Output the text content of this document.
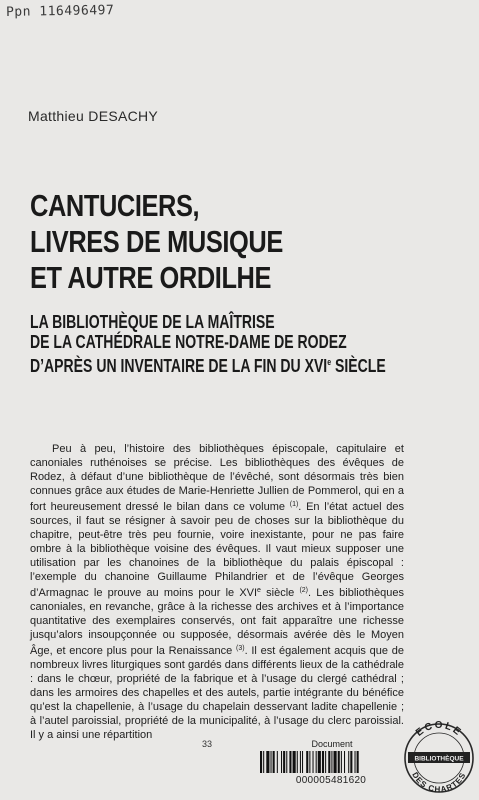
Ppn 116496497
Matthieu DESACHY
CANTUCIERS,
LIVRES DE MUSIQUE
ET AUTRE ORDILHE
LA BIBLIOTHÈQUE DE LA MAÎTRISE
DE LA CATHÉDRALE NOTRE-DAME DE RODEZ
D’APRÈS UN INVENTAIRE DE LA FIN DU XVIe SIÈCLE

Peu à peu, l’histoire des bibliothèques épiscopale, capitulaire et canoniales ruthénoises se précise. Les bibliothèques des évêques de Rodez, à défaut d’une bibliothèque de l’évêché, sont désormais très bien connues grâce aux études de Marie-Henriette Jullien de Pommerol, qui en a fort heureusement dressé le bilan dans ce volume $^{(1)}$. En l’état actuel des sources, il faut se résigner à savoir peu de choses sur la bibliothèque du chapitre, peut-être très peu fournie, voire inexistante, pour ne pas faire ombre à la bibliothèque voisine des évêques. Il vaut mieux supposer une utilisation par les chanoines de la bibliothèque du palais épiscopal : l’exemple du chanoine Guillaume Philandrier et de l’évêque Georges d’Armagnac le prouve au moins pour le XVIe siècle $^{(2)}$. Les bibliothèques canoniales, en revanche, grâce à la richesse des archives et à l’importance quantitative des exemplaires conservés, ont fait apparaître une richesse jusqu’alors insoupçonnée ou supposée, désormais avérée dès le Moyen Âge, et encore plus pour la Renaissance $^{(3)}$. Il est également acquis que de nombreux livres liturgiques sont gardés dans différents lieux de la cathédrale : dans le chœur, propriété de la fabrique et à l’usage du clergé cathédral ; dans les armoires des chapelles et des autels, partie intégrante du bénéfice qu’est la chapellenie, à l’usage du chapelain desservant ladite chapellenie ; à l’autel paroissial, propriété de la municipalité, à l’usage du clerc paroissial. Il y a ainsi une répartition

33	Document
000005481620
ECOLE
BIBLIOTHÈQUE
DES CHARTES
